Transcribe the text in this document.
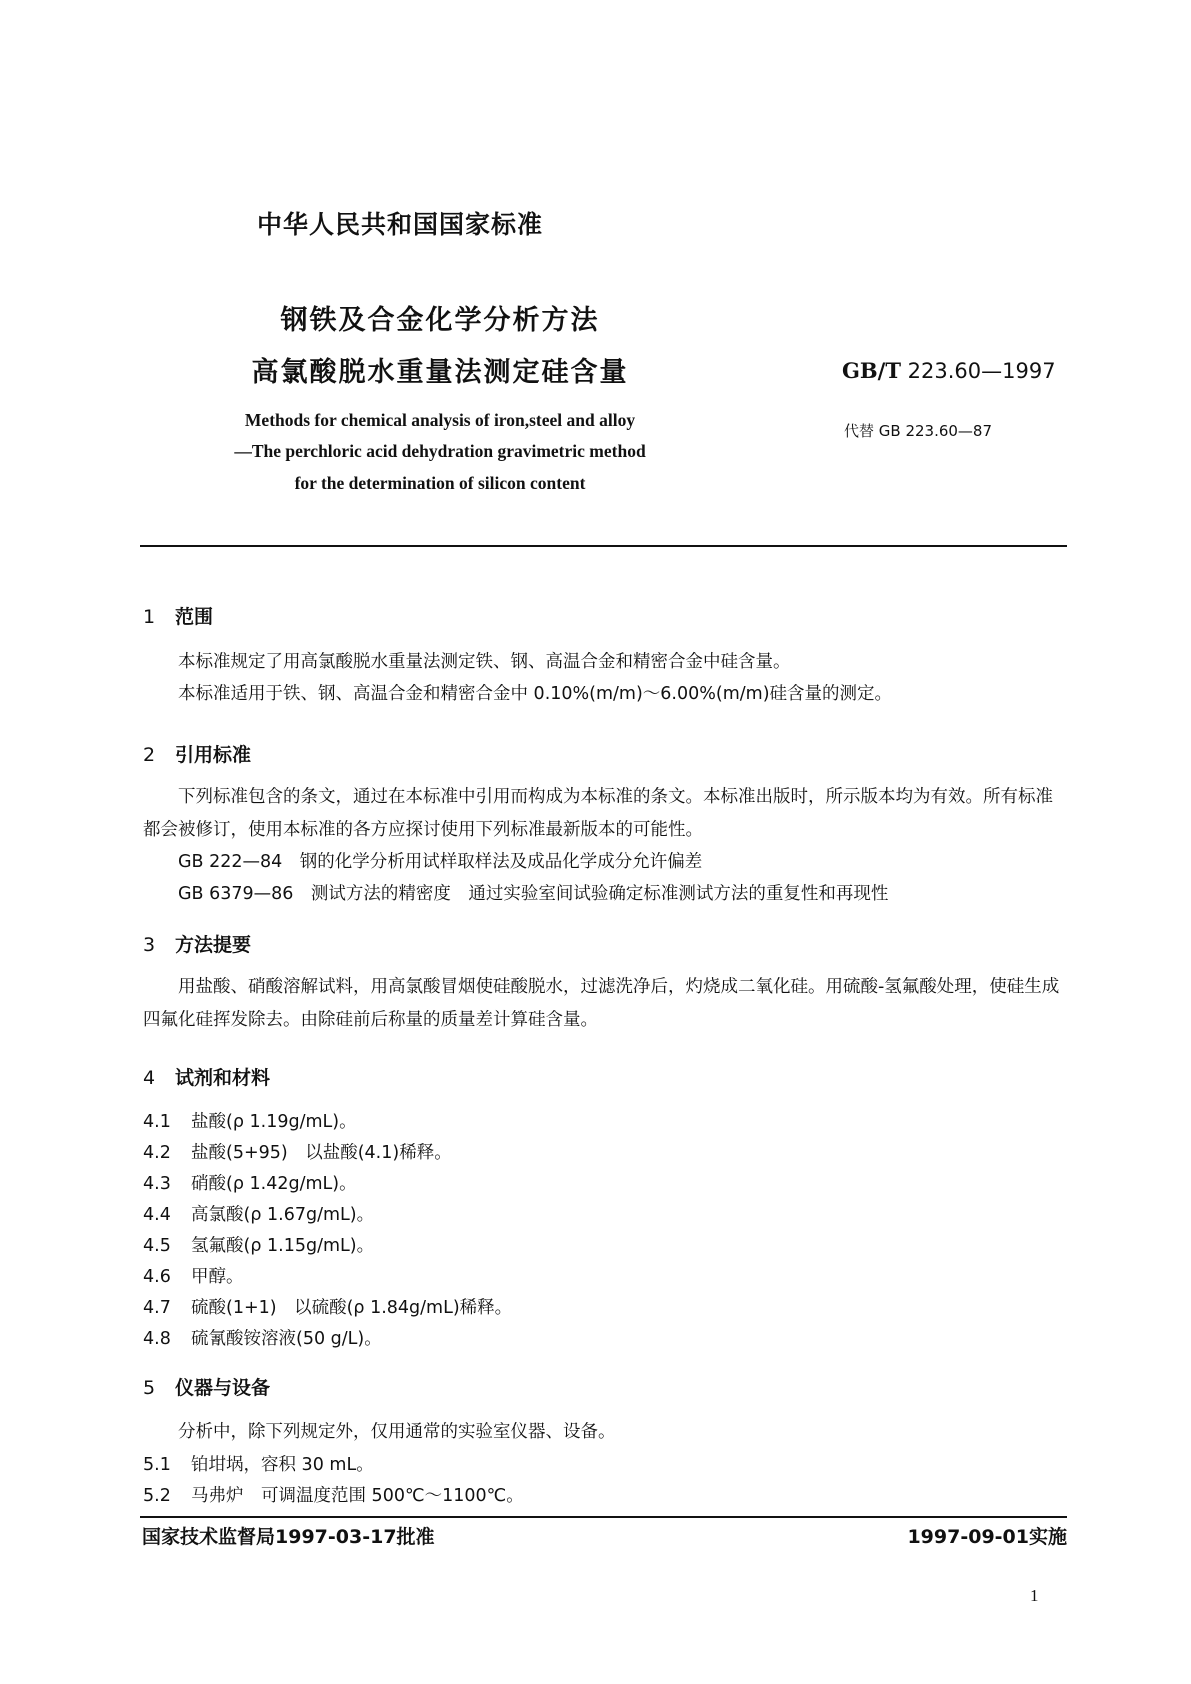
中华人民共和国国家标准
钢铁及合金化学分析方法
高氯酸脱水重量法测定硅含量	GB/T 223.60—1997
代替 GB 223.60—87
Methods for chemical analysis of iron,steel and alloy
—The perchloric acid dehydration gravimetric method
for the determination of silicon content
1 范围
本标准规定了用高氯酸脱水重量法测定铁、钢、高温合金和精密合金中硅含量。
本标准适用于铁、钢、高温合金和精密合金中 0.10%(m/m)～6.00%(m/m)硅含量的测定。
2 引用标准
下列标准包含的条文，通过在本标准中引用而构成为本标准的条文。本标准出版时，所示版本均为有效。所有标准都会被修订，使用本标准的各方应探讨使用下列标准最新版本的可能性。
GB 222—84　钢的化学分析用试样取样法及成品化学成分允许偏差
GB 6379—86　测试方法的精密度　通过实验室间试验确定标准测试方法的重复性和再现性
3 方法提要
用盐酸、硝酸溶解试料，用高氯酸冒烟使硅酸脱水，过滤洗净后，灼烧成二氧化硅。用硫酸-氢氟酸处理，使硅生成四氟化硅挥发除去。由除硅前后称量的质量差计算硅含量。
4 试剂和材料
4.1 盐酸(ρ 1.19g/mL)。
4.2 盐酸(5+95)　以盐酸(4.1)稀释。
4.3 硝酸(ρ 1.42g/mL)。
4.4 高氯酸(ρ 1.67g/mL)。
4.5 氢氟酸(ρ 1.15g/mL)。
4.6 甲醇。
4.7 硫酸(1+1)　以硫酸(ρ 1.84g/mL)稀释。
4.8 硫氰酸铵溶液(50 g/L)。
5 仪器与设备
分析中，除下列规定外，仅用通常的实验室仪器、设备。
5.1 铂坩埚，容积 30 mL。
5.2 马弗炉　可调温度范围 500℃～1100℃。
国家技术监督局1997-03-17批准	1997-09-01实施
1
